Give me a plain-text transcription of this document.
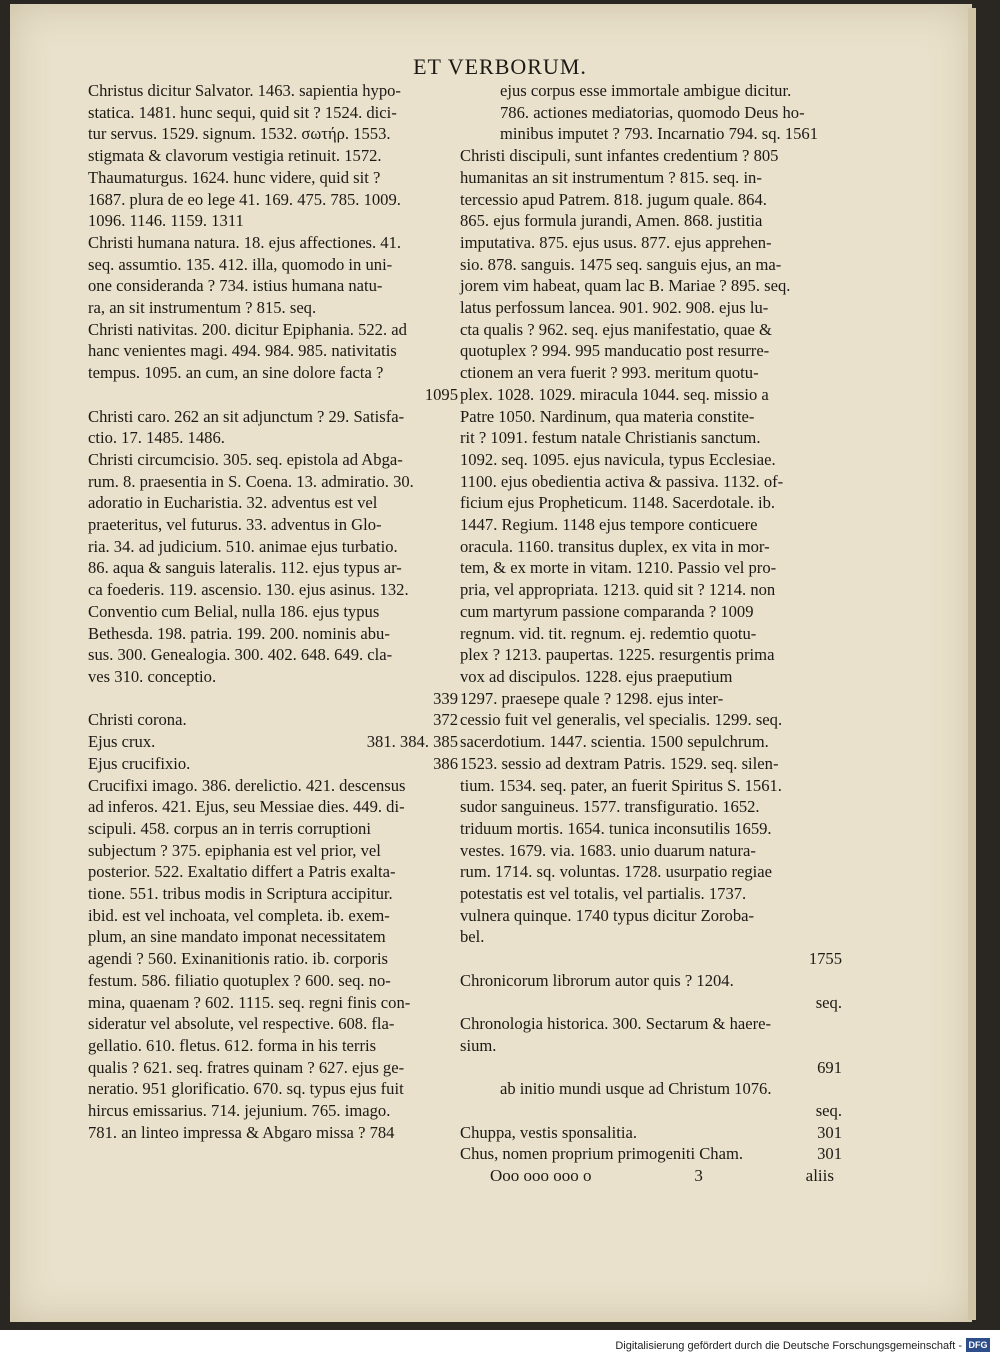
ET VERBORUM.
Christus dicitur Salvator. 1463. sapientia hypo-
statica. 1481. hunc sequi, quid sit ? 1524. dici-
tur servus. 1529. signum. 1532. σωτήρ. 1553.
stigmata & clavorum vestigia retinuit. 1572.
Thaumaturgus. 1624. hunc videre, quid sit ?
1687. plura de eo lege 41. 169. 475. 785. 1009.
1096. 1146. 1159. 1311
Christi humana natura. 18. ejus affectiones. 41.
seq. assumtio. 135. 412. illa, quomodo in uni-
one consideranda ? 734. istius humana natu-
ra, an sit instrumentum ? 815. seq.
Christi nativitas. 200. dicitur Epiphania. 522. ad
hanc venientes magi. 494. 984. 985. nativitatis
tempus. 1095. an cum, an sine dolore facta ?
1095
Christi caro. 262 an sit adjunctum ? 29. Satisfa-
ctio. 17. 1485. 1486.
Christi circumcisio. 305. seq. epistola ad Abga-
rum. 8. praesentia in S. Coena. 13. admiratio. 30.
adoratio in Eucharistia. 32. adventus est vel
praeteritus, vel futurus. 33. adventus in Glo-
ria. 34. ad judicium. 510. animae ejus turbatio.
86. aqua & sanguis lateralis. 112. ejus typus ar-
ca foederis. 119. ascensio. 130. ejus asinus. 132.
Conventio cum Belial, nulla 186. ejus typus
Bethesda. 198. patria. 199. 200. nominis abu-
sus. 300. Genealogia. 300. 402. 648. 649. cla-
ves 310. conceptio.
339
Christi corona.	372
Ejus crux.	381. 384. 385
Ejus crucifixio.	386
Crucifixi imago. 386. derelictio. 421. descensus
ad inferos. 421. Ejus, seu Messiae dies. 449. di-
scipuli. 458. corpus an in terris corruptioni
subjectum ? 375. epiphania est vel prior, vel
posterior. 522. Exaltatio differt a Patris exalta-
tione. 551. tribus modis in Scriptura accipitur.
ibid. est vel inchoata, vel completa. ib. exem-
plum, an sine mandato imponat necessitatem
agendi ? 560. Exinanitionis ratio. ib. corporis
festum. 586. filiatio quotuplex ? 600. seq. no-
mina, quaenam ? 602. 1115. seq. regni finis con-
sideratur vel absolute, vel respective. 608. fla-
gellatio. 610. fletus. 612. forma in his terris
qualis ? 621. seq. fratres quinam ? 627. ejus ge-
neratio. 951 glorificatio. 670. sq. typus ejus fuit
hircus emissarius. 714. jejunium. 765. imago.
781. an linteo impressa & Abgaro missa ? 784
ejus corpus esse immortale ambigue dicitur.
786. actiones mediatorias, quomodo Deus ho-
minibus imputet ? 793. Incarnatio 794. sq. 1561
Christi discipuli, sunt infantes credentium ? 805
humanitas an sit instrumentum ? 815. seq. in-
tercessio apud Patrem. 818. jugum quale. 864.
865. ejus formula jurandi, Amen. 868. justitia
imputativa. 875. ejus usus. 877. ejus apprehen-
sio. 878. sanguis. 1475 seq. sanguis ejus, an ma-
jorem vim habeat, quam lac B. Mariae ? 895. seq.
latus perfossum lancea. 901. 902. 908. ejus lu-
cta qualis ? 962. seq. ejus manifestatio, quae &
quotuplex ? 994. 995 manducatio post resurre-
ctionem an vera fuerit ? 993. meritum quotu-
plex. 1028. 1029. miracula 1044. seq. missio a
Patre 1050. Nardinum, qua materia constite-
rit ? 1091. festum natale Christianis sanctum.
1092. seq. 1095. ejus navicula, typus Ecclesiae.
1100. ejus obedientia activa & passiva. 1132. of-
ficium ejus Propheticum. 1148. Sacerdotale. ib.
1447. Regium. 1148 ejus tempore conticuere
oracula. 1160. transitus duplex, ex vita in mor-
tem, & ex morte in vitam. 1210. Passio vel pro-
pria, vel appropriata. 1213. quid sit ? 1214. non
cum martyrum passione comparanda ? 1009
regnum. vid. tit. regnum. ej. redemtio quotu-
plex ? 1213. paupertas. 1225. resurgentis prima
vox ad discipulos. 1228. ejus praeputium
1297. praesepe quale ? 1298. ejus inter-
cessio fuit vel generalis, vel specialis. 1299. seq.
sacerdotium. 1447. scientia. 1500 sepulchrum.
1523. sessio ad dextram Patris. 1529. seq. silen-
tium. 1534. seq. pater, an fuerit Spiritus S. 1561.
sudor sanguineus. 1577. transfiguratio. 1652.
triduum mortis. 1654. tunica inconsutilis 1659.
vestes. 1679. via. 1683. unio duarum natura-
rum. 1714. sq. voluntas. 1728. usurpatio regiae
potestatis est vel totalis, vel partialis. 1737.
vulnera quinque. 1740 typus dicitur Zoroba-
bel.
1755
Chronicorum librorum autor quis ? 1204.
seq.
Chronologia historica. 300. Sectarum & haere-
sium.
691
ab initio mundi usque ad Christum 1076.
seq.
Chuppa, vestis sponsalitia.	301
Chus, nomen proprium primogeniti Cham.	301
Ooo ooo ooo o	3	aliis
Digitalisierung gefördert durch die Deutsche Forschungsgemeinschaft - DFG
